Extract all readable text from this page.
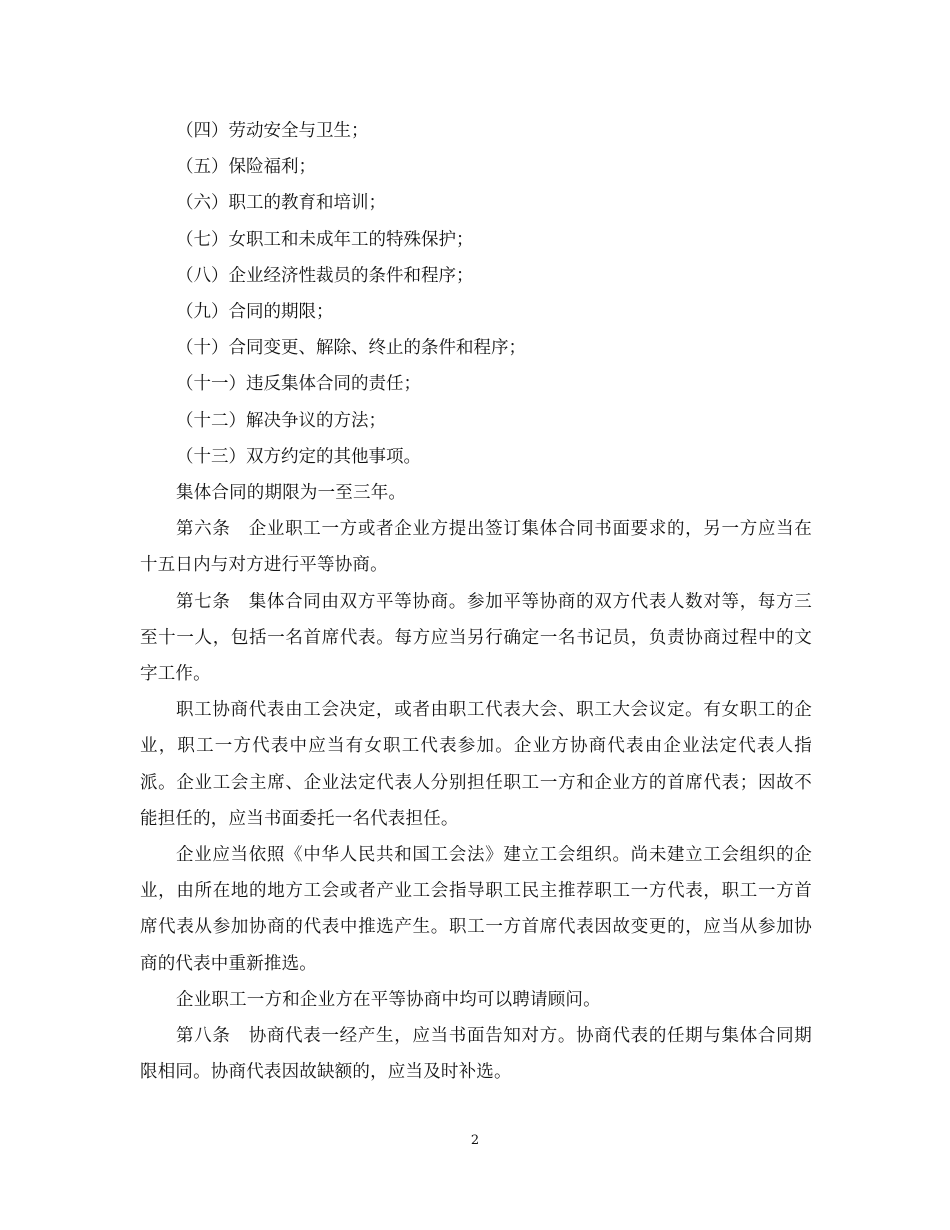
（四）劳动安全与卫生；

（五）保险福利；

（六）职工的教育和培训；

（七）女职工和未成年工的特殊保护；

（八）企业经济性裁员的条件和程序；

（九）合同的期限；

（十）合同变更、解除、终止的条件和程序；

（十一）违反集体合同的责任；

（十二）解决争议的方法；

（十三）双方约定的其他事项。

集体合同的期限为一至三年。

第六条　企业职工一方或者企业方提出签订集体合同书面要求的，另一方应当在十五日内与对方进行平等协商。

第七条　集体合同由双方平等协商。参加平等协商的双方代表人数对等，每方三至十一人，包括一名首席代表。每方应当另行确定一名书记员，负责协商过程中的文字工作。

职工协商代表由工会决定，或者由职工代表大会、职工大会议定。有女职工的企业，职工一方代表中应当有女职工代表参加。企业方协商代表由企业法定代表人指派。企业工会主席、企业法定代表人分别担任职工一方和企业方的首席代表；因故不能担任的，应当书面委托一名代表担任。

企业应当依照《中华人民共和国工会法》建立工会组织。尚未建立工会组织的企业，由所在地的地方工会或者产业工会指导职工民主推荐职工一方代表，职工一方首席代表从参加协商的代表中推选产生。职工一方首席代表因故变更的，应当从参加协商的代表中重新推选。

企业职工一方和企业方在平等协商中均可以聘请顾问。

第八条　协商代表一经产生，应当书面告知对方。协商代表的任期与集体合同期限相同。协商代表因故缺额的，应当及时补选。

2
